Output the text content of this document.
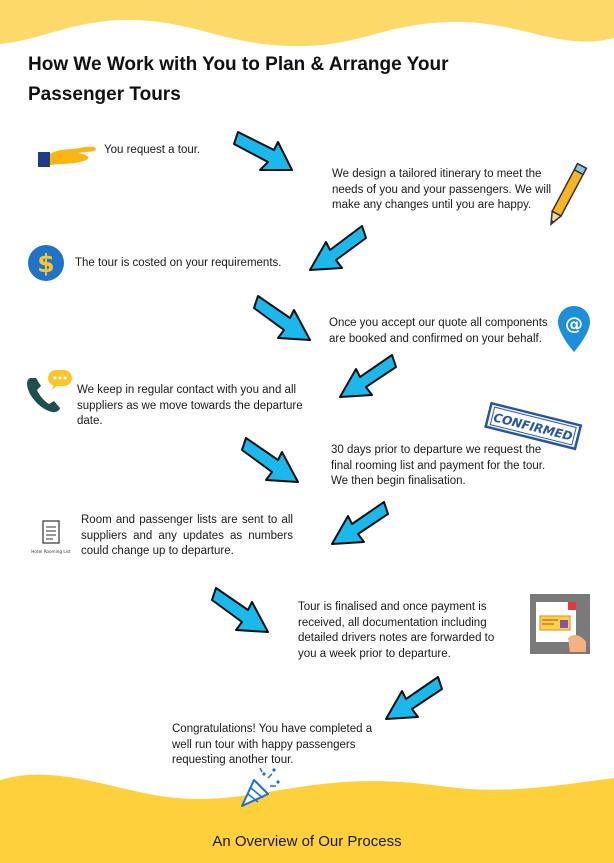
How We Work with You to Plan & Arrange Your Passenger Tours
You request a tour.
We design a tailored itinerary to meet the needs of you and your passengers. We will make any changes until you are happy.
$ The tour is costed on your requirements.
Once you accept our quote all components are booked and confirmed on your behalf.
@
We keep in regular contact with you and all suppliers as we move towards the departure date.	CONFIRMED
30 days prior to departure we request the final rooming list and payment for the tour. We then begin finalisation.
Hotel Rooming List
Room and passenger lists are sent to all suppliers and any updates as numbers could change up to departure.
Tour is finalised and once payment is received, all documentation including detailed drivers notes are forwarded to you a week prior to departure.
Congratulations! You have completed a well run tour with happy passengers requesting another tour.
An Overview of Our Process
